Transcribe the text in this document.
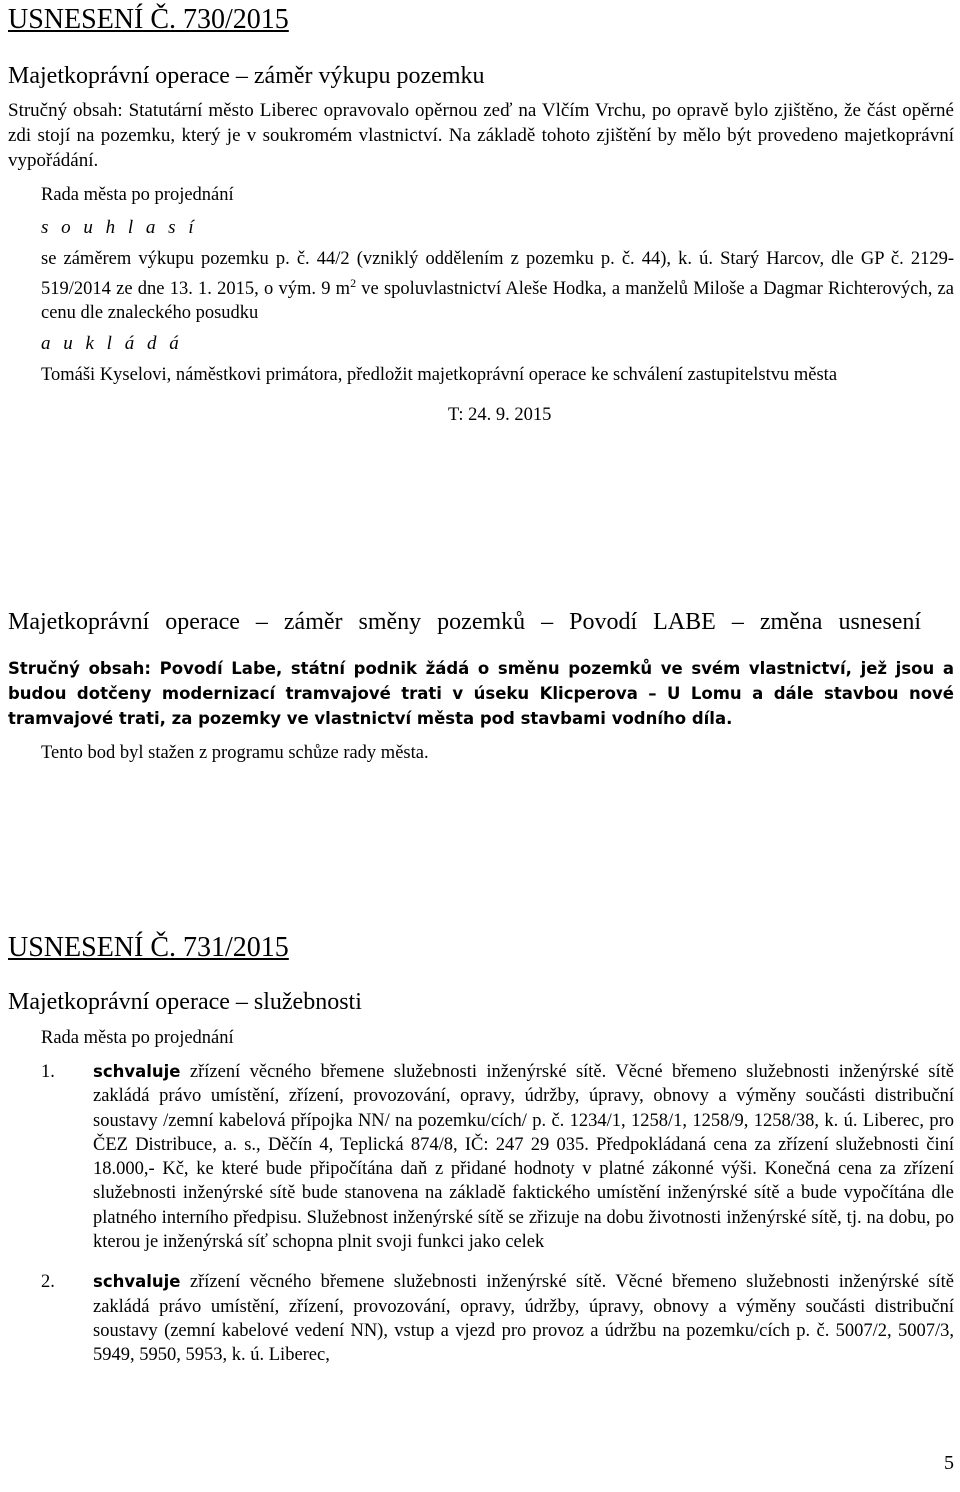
USNESENÍ Č. 730/2015
Majetkoprávní operace – záměr výkupu pozemku
Stručný obsah: Statutární město Liberec opravovalo opěrnou zeď na Vlčím Vrchu, po opravě bylo zjištěno, že část opěrné zdi stojí na pozemku, který je v soukromém vlastnictví. Na základě tohoto zjištění by mělo být provedeno majetkoprávní vypořádání.
Rada města po projednání
s o u h l a s í
se záměrem výkupu pozemku p. č. 44/2 (vzniklý oddělením z pozemku p. č. 44), k. ú. Starý Harcov, dle GP č. 2129-519/2014 ze dne 13. 1. 2015, o vým. 9 $m^2$ ve spoluvlastnictví Aleše Hodka, a manželů Miloše a Dagmar Richterových, za cenu dle znaleckého posudku
a u k l á d á
Tomáši Kyselovi, náměstkovi primátora, předložit majetkoprávní operace ke schválení zastupitelstvu města
T: 24. 9. 2015
Majetkoprávní operace – záměr směny pozemků – Povodí LABE – změna usnesení
Stručný obsah: Povodí Labe, státní podnik žádá o směnu pozemků ve svém vlastnictví, jež jsou a budou dotčeny modernizací tramvajové trati v úseku Klicperova – U Lomu a dále stavbou nové tramvajové trati, za pozemky ve vlastnictví města pod stavbami vodního díla.
Tento bod byl stažen z programu schůze rady města.
USNESENÍ Č. 731/2015
Majetkoprávní operace – služebnosti
Rada města po projednání
1.	schvaluje zřízení věcného břemene služebnosti inženýrské sítě. Věcné břemeno služebnosti inženýrské sítě zakládá právo umístění, zřízení, provozování, opravy, údržby, úpravy, obnovy a výměny součásti distribuční soustavy /zemní kabelová přípojka NN/ na pozemku/cích/ p. č. 1234/1, 1258/1, 1258/9, 1258/38, k. ú. Liberec, pro ČEZ Distribuce, a. s., Děčín 4, Teplická 874/8, IČ: 247 29 035. Předpokládaná cena za zřízení služebnosti činí 18.000,- Kč, ke které bude připočítána daň z přidané hodnoty v platné zákonné výši. Konečná cena za zřízení služebnosti inženýrské sítě bude stanovena na základě faktického umístění inženýrské sítě a bude vypočítána dle platného interního předpisu. Služebnost inženýrské sítě se zřizuje na dobu životnosti inženýrské sítě, tj. na dobu, po kterou je inženýrská síť schopna plnit svoji funkci jako celek
2.	schvaluje zřízení věcného břemene služebnosti inženýrské sítě. Věcné břemeno služebnosti inženýrské sítě zakládá právo umístění, zřízení, provozování, opravy, údržby, úpravy, obnovy a výměny součásti distribuční soustavy (zemní kabelové vedení NN), vstup a vjezd pro provoz a údržbu na pozemku/cích p. č. 5007/2, 5007/3, 5949, 5950, 5953, k. ú. Liberec,
5
